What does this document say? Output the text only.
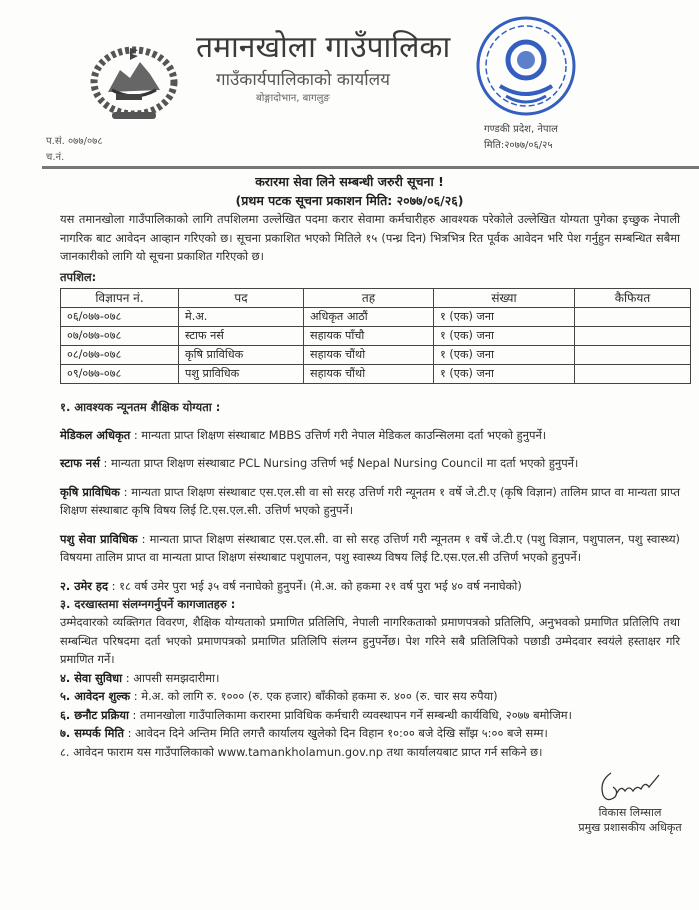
तमानखोला गाउँपालिका
गाउँकार्यपालिकाको कार्यालय
बोङ्गादोभान, बागलुङ
गण्डकी प्रदेश, नेपाल
मिति:२०७७/०६/२५
प.सं. ०७७/०७८
च.नं.
करारमा सेवा लिने सम्बन्धी जरुरी सूचना !
(प्रथम पटक सूचना प्रकाशन मिति: २०७७/०६/२६)

यस तमानखोला गाउँपालिकाको लागि तपशिलमा उल्लेखित पदमा करार सेवामा कर्मचारीहरु आवश्यक परेकोले उल्लेखित योग्यता पुगेका इच्छुक नेपाली नागरिक बाट आवेदन आव्हान गरिएको छ। सूचना प्रकाशित भएको मितिले १५ (पन्ध्र दिन) भित्रभित्र रित पूर्वक आवेदन भरि पेश गर्नुहुन सम्बन्धित सबैमा जानकारीको लागि यो सूचना प्रकाशित गरिएको छ।

तपशिल:
विज्ञापन नं.	पद	तह	संख्या	कैफियत
०६/०७७-०७८	मे.अ.	अधिकृत आठौं	१ (एक) जना	
०७/०७७-०७८	स्टाफ नर्स	सहायक पाँचौ	१ (एक) जना	
०८/०७७-०७८	कृषि प्राविधिक	सहायक चौंथो	१ (एक) जना	
०९/०७७-०७८	पशु प्राविधिक	सहायक चौंथो	१ (एक) जना	
१. आवश्यक न्यूनतम शैक्षिक योग्यता :

मेडिकल अधिकृत : मान्यता प्राप्त शिक्षण संस्थाबाट MBBS उत्तिर्ण गरी नेपाल मेडिकल काउन्सिलमा दर्ता भएको हुनुपर्ने।

स्टाफ नर्स : मान्यता प्राप्त शिक्षण संस्थाबाट PCL Nursing उत्तिर्ण भई Nepal Nursing Council मा दर्ता भएको हुनुपर्ने।

कृषि प्राविधिक : मान्यता प्राप्त शिक्षण संस्थाबाट एस.एल.सी वा सो सरह उत्तिर्ण गरी न्यूनतम १ वर्षे जे.टी.ए (कृषि विज्ञान) तालिम प्राप्त वा मान्यता प्राप्त शिक्षण संस्थाबाट कृषि विषय लिई टि.एस.एल.सी. उत्तिर्ण भएको हुनुपर्ने।

पशु सेवा प्राविधिक : मान्यता प्राप्त शिक्षण संस्थाबाट एस.एल.सी. वा सो सरह उत्तिर्ण गरी न्यूनतम १ वर्षे जे.टी.ए (पशु विज्ञान, पशुपालन, पशु स्वास्थ्य) विषयमा तालिम प्राप्त वा मान्यता प्राप्त शिक्षण संस्थाबाट पशुपालन, पशु स्वास्थ्य विषय लिई टि.एस.एल.सी उत्तिर्ण भएको हुनुपर्ने।

२. उमेर हद : १८ वर्ष उमेर पुरा भई ३५ वर्ष ननाघेको हुनुपर्ने। (मे.अ. को हकमा २१ वर्ष पुरा भई ४० वर्ष ननाघेको)

३. दरखास्तमा संलग्नगर्नुपर्ने कागजातहरु :

उम्मेदवारको व्यक्तिगत विवरण, शैक्षिक योग्यताको प्रमाणित प्रतिलिपि, नेपाली नागरिकताको प्रमाणपत्रको प्रतिलिपि, अनुभवको प्रमाणित प्रतिलिपि तथा सम्बन्धित परिषदमा दर्ता भएको प्रमाणपत्रको प्रमाणित प्रतिलिपि संलग्न हुनुपर्नेछ। पेश गरिने सबै प्रतिलिपिको पछाडी उम्मेदवार स्वयंले हस्ताक्षर गरि प्रमाणित गर्ने।

४. सेवा सुविधा : आपसी समझदारीमा।

५. आवेदन शुल्क : मे.अ. को लागि रु. १००० (रु. एक हजार) बाँकीको हकमा रु. ४०० (रु. चार सय रुपैया)

६. छनौट प्रक्रिया : तमानखोला गाउँपालिकामा करारमा प्राविधिक कर्मचारी व्यवस्थापन गर्ने सम्बन्धी कार्यविधि, २०७७ बमोजिम।

७. सम्पर्क मिति : आवेदन दिने अन्तिम मिति लगत्तै कार्यालय खुलेको दिन विहान १०:०० बजे देखि साँझ ५:०० बजे सम्म।

८. आवेदन फाराम यस गाउँपालिकाको www.tamankholamun.gov.np तथा कार्यालयबाट प्राप्त गर्न सकिने छ।

विकास लिम्साल
प्रमुख प्रशासकीय अधिकृत
